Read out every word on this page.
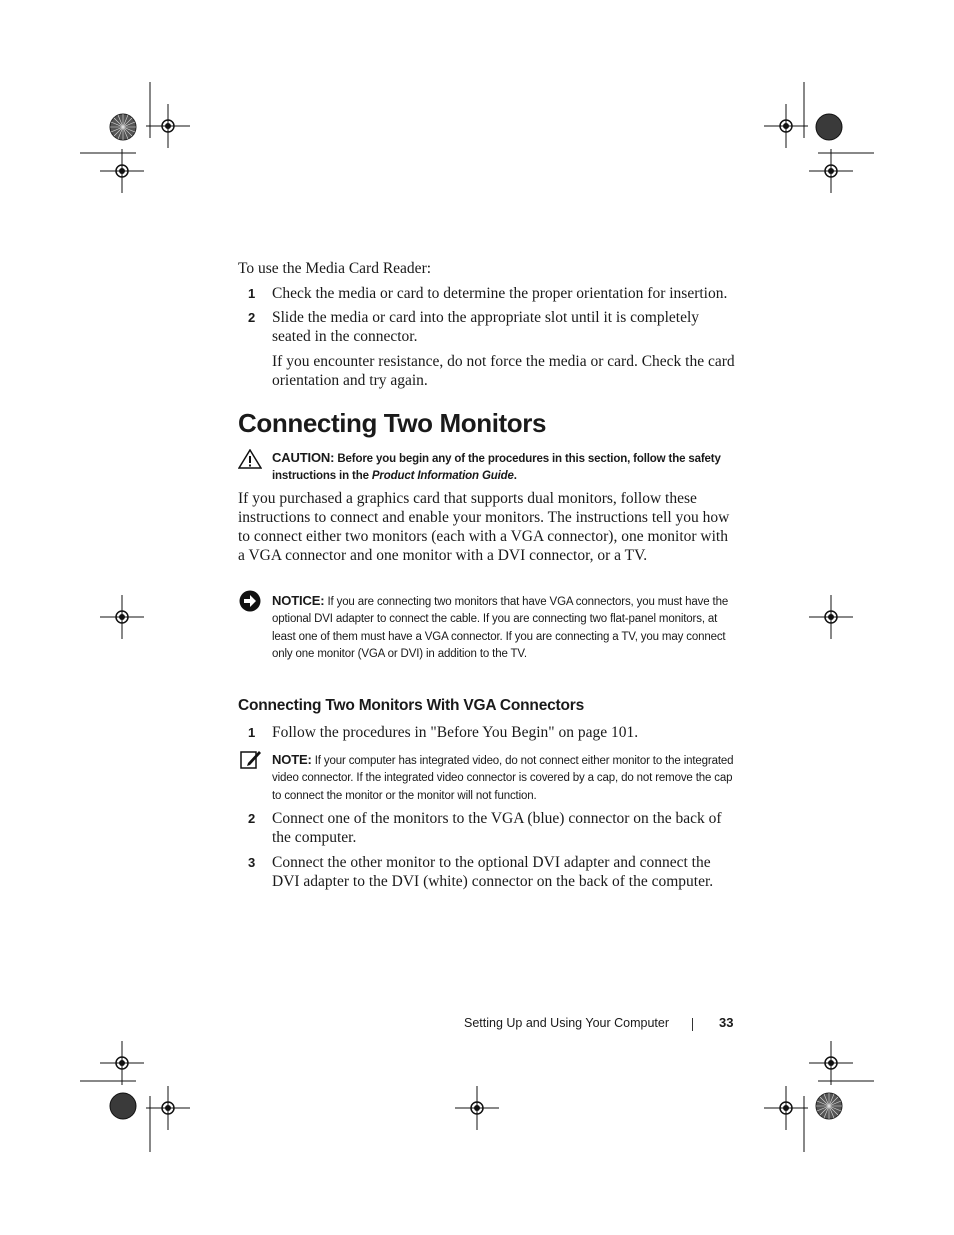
To use the Media Card Reader:
1 Check the media or card to determine the proper orientation for insertion.
2 Slide the media or card into the appropriate slot until it is completely seated in the connector.
If you encounter resistance, do not force the media or card. Check the card orientation and try again.
Connecting Two Monitors
CAUTION: Before you begin any of the procedures in this section, follow the safety instructions in the Product Information Guide.
If you purchased a graphics card that supports dual monitors, follow these instructions to connect and enable your monitors. The instructions tell you how to connect either two monitors (each with a VGA connector), one monitor with a VGA connector and one monitor with a DVI connector, or a TV.
NOTICE: If you are connecting two monitors that have VGA connectors, you must have the optional DVI adapter to connect the cable. If you are connecting two flat-panel monitors, at least one of them must have a VGA connector. If you are connecting a TV, you may connect only one monitor (VGA or DVI) in addition to the TV.
Connecting Two Monitors With VGA Connectors
1 Follow the procedures in "Before You Begin" on page 101.
NOTE: If your computer has integrated video, do not connect either monitor to the integrated video connector. If the integrated video connector is covered by a cap, do not remove the cap to connect the monitor or the monitor will not function.
2 Connect one of the monitors to the VGA (blue) connector on the back of the computer.
3 Connect the other monitor to the optional DVI adapter and connect the DVI adapter to the DVI (white) connector on the back of the computer.
Setting Up and Using Your Computer	33
